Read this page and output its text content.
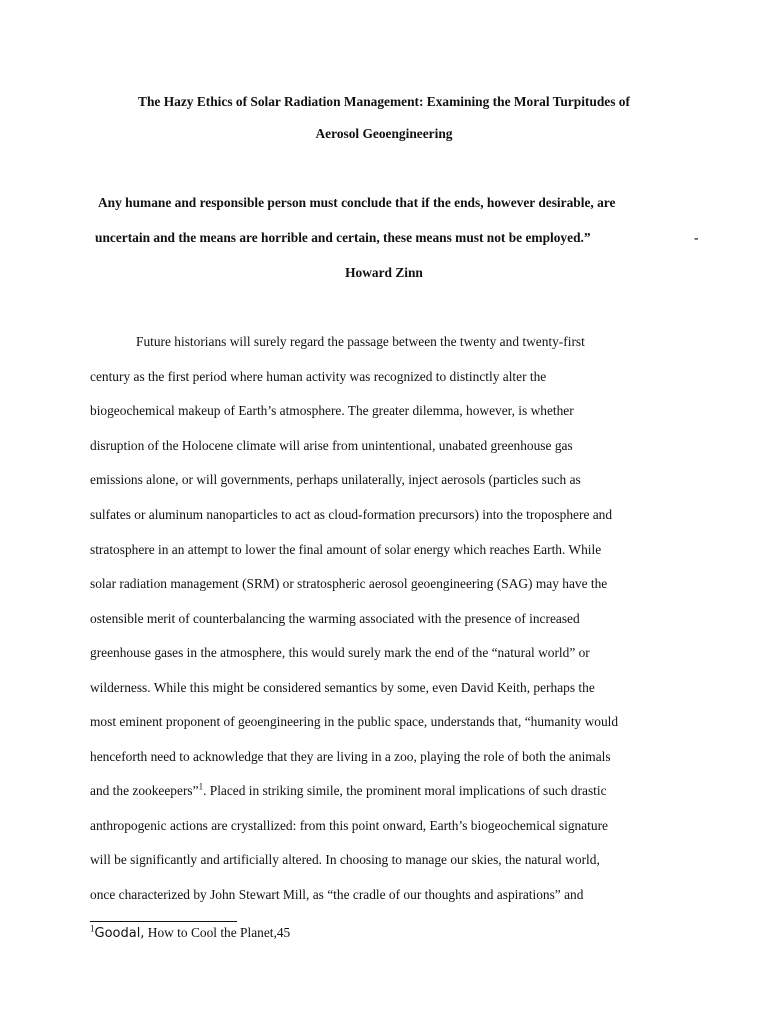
The Hazy Ethics of Solar Radiation Management: Examining the Moral Turpitudes of
Aerosol Geoengineering
Any humane and responsible person must conclude that if the ends, however desirable, are
uncertain and the means are horrible and certain, these means must not be employed.”	-
Howard Zinn
Future historians will surely regard the passage between the twenty and twenty-first
century as the first period where human activity was recognized to distinctly alter the
biogeochemical makeup of Earth’s atmosphere. The greater dilemma, however, is whether
disruption of the Holocene climate will arise from unintentional, unabated greenhouse gas
emissions alone, or will governments, perhaps unilaterally, inject aerosols (particles such as
sulfates or aluminum nanoparticles to act as cloud-formation precursors) into the troposphere and
stratosphere in an attempt to lower the final amount of solar energy which reaches Earth. While
solar radiation management (SRM) or stratospheric aerosol geoengineering (SAG) may have the
ostensible merit of counterbalancing the warming associated with the presence of increased
greenhouse gases in the atmosphere, this would surely mark the end of the “natural world” or
wilderness. While this might be considered semantics by some, even David Keith, perhaps the
most eminent proponent of geoengineering in the public space, understands that, “humanity would
henceforth need to acknowledge that they are living in a zoo, playing the role of both the animals
and the zookeepers”$^1$. Placed in striking simile, the prominent moral implications of such drastic
anthropogenic actions are crystallized: from this point onward, Earth’s biogeochemical signature
will be significantly and artificially altered. In choosing to manage our skies, the natural world,
once characterized by John Stewart Mill, as “the cradle of our thoughts and aspirations” and
$^1$Goodal, How to Cool the Planet,45
